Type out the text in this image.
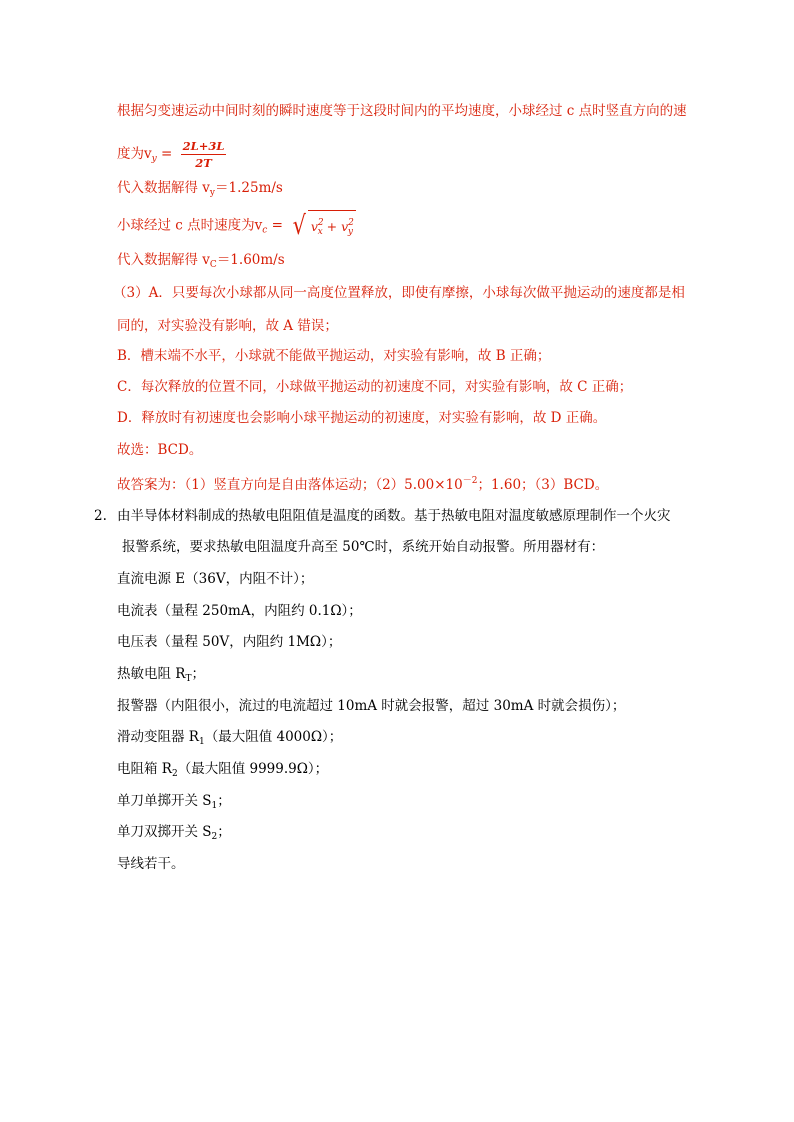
根据匀变速运动中间时刻的瞬时速度等于这段时间内的平均速度，小球经过 c 点时竖直方向的速
度为$v_y = \frac{2L+3L}{2T}$
代入数据解得 $v_y=1.25m/s$
小球经过 c 点时速度为$v_c$ = √ $v^2_x + v^2_y$
代入数据解得 $v_C=1.60m/s$
（3）A．只要每次小球都从同一高度位置释放，即使有摩擦，小球每次做平抛运动的速度都是相
同的，对实验没有影响，故 A 错误；
B．槽末端不水平，小球就不能做平抛运动，对实验有影响，故 B 正确；
C．每次释放的位置不同，小球做平抛运动的初速度不同，对实验有影响，故 C 正确；
D．释放时有初速度也会影响小球平抛运动的初速度，对实验有影响，故 D 正确。
故选：BCD。
故答案为：（1）竖直方向是自由落体运动；$(2)5.00\times 10^{-2}$；1.60；（3）BCD。
2. 由半导体材料制成的热敏电阻阻值是温度的函数。基于热敏电阻对温度敏感原理制作一个火灾
报警系统，要求热敏电阻温度升高至 50℃时，系统开始自动报警。所用器材有：
直流电源 E（36V，内阻不计）；
电流表（量程 250mA，内阻约 0.1Ω）；
电压表（量程 50V，内阻约 1MΩ）；
热敏电阻 $R_T$；
报警器（内阻很小，流过的电流超过 10mA 时就会报警，超过 30mA 时就会损伤）；
滑动变阻器 $R_1$（最大阻值 4000Ω）；
电阻箱 $R_2$（最大阻值 9999.9Ω）；
单刀单掷开关 $S_1$；
单刀双掷开关 $S_2$；
导线若干。
